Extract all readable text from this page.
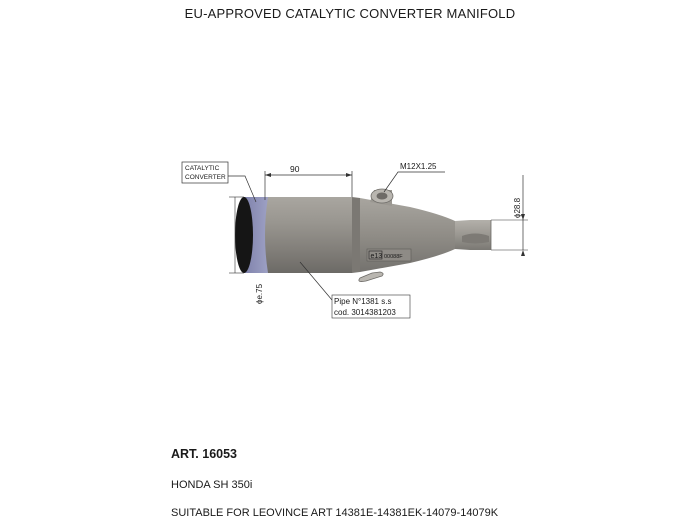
EU-APPROVED CATALYTIC CONVERTER MANIFOLD
e13 00088F
CATALYTIC
CONVERTER
90	M12X1.25
ϕ28.8
ϕe.75	Pipe N°1381 s.s
cod. 3014381203
ART. 16053
HONDA SH 350i
SUITABLE FOR LEOVINCE ART 14381E-14381EK-14079-14079K
